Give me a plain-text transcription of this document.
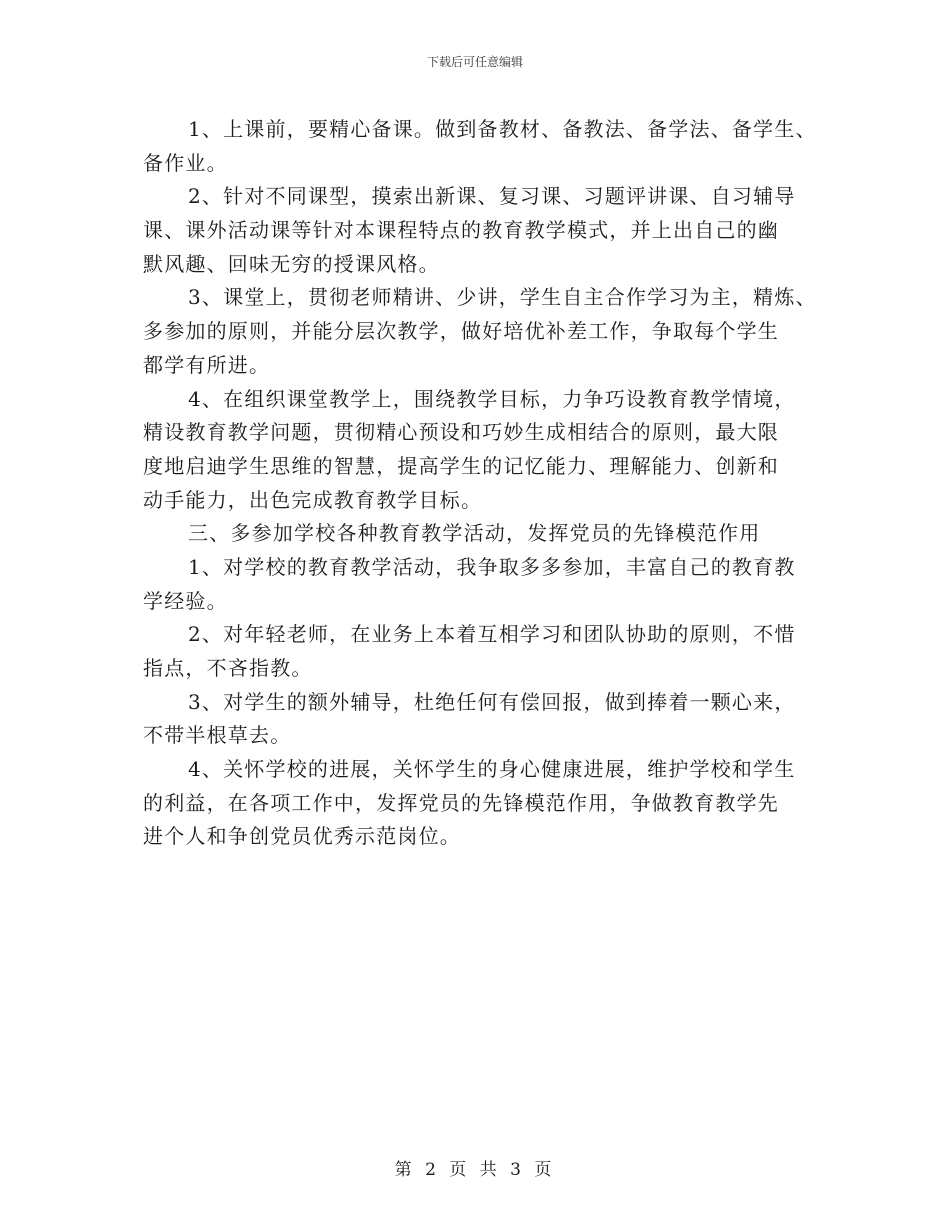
下载后可任意编辑
1、上课前，要精心备课。做到备教材、备教法、备学法、备学生、
备作业。
2、针对不同课型，摸索出新课、复习课、习题评讲课、自习辅导
课、课外活动课等针对本课程特点的教育教学模式，并上出自己的幽
默风趣、回味无穷的授课风格。
3、课堂上，贯彻老师精讲、少讲，学生自主合作学习为主，精炼、
多参加的原则，并能分层次教学，做好培优补差工作，争取每个学生
都学有所进。
4、在组织课堂教学上，围绕教学目标，力争巧设教育教学情境，
精设教育教学问题，贯彻精心预设和巧妙生成相结合的原则，最大限
度地启迪学生思维的智慧，提高学生的记忆能力、理解能力、创新和
动手能力，出色完成教育教学目标。
三、多参加学校各种教育教学活动，发挥党员的先锋模范作用
1、对学校的教育教学活动，我争取多多参加，丰富自己的教育教
学经验。
2、对年轻老师，在业务上本着互相学习和团队协助的原则，不惜
指点，不吝指教。
3、对学生的额外辅导，杜绝任何有偿回报，做到捧着一颗心来，
不带半根草去。
4、关怀学校的进展，关怀学生的身心健康进展，维护学校和学生
的利益，在各项工作中，发挥党员的先锋模范作用，争做教育教学先
进个人和争创党员优秀示范岗位。
第 2 页 共 3 页
